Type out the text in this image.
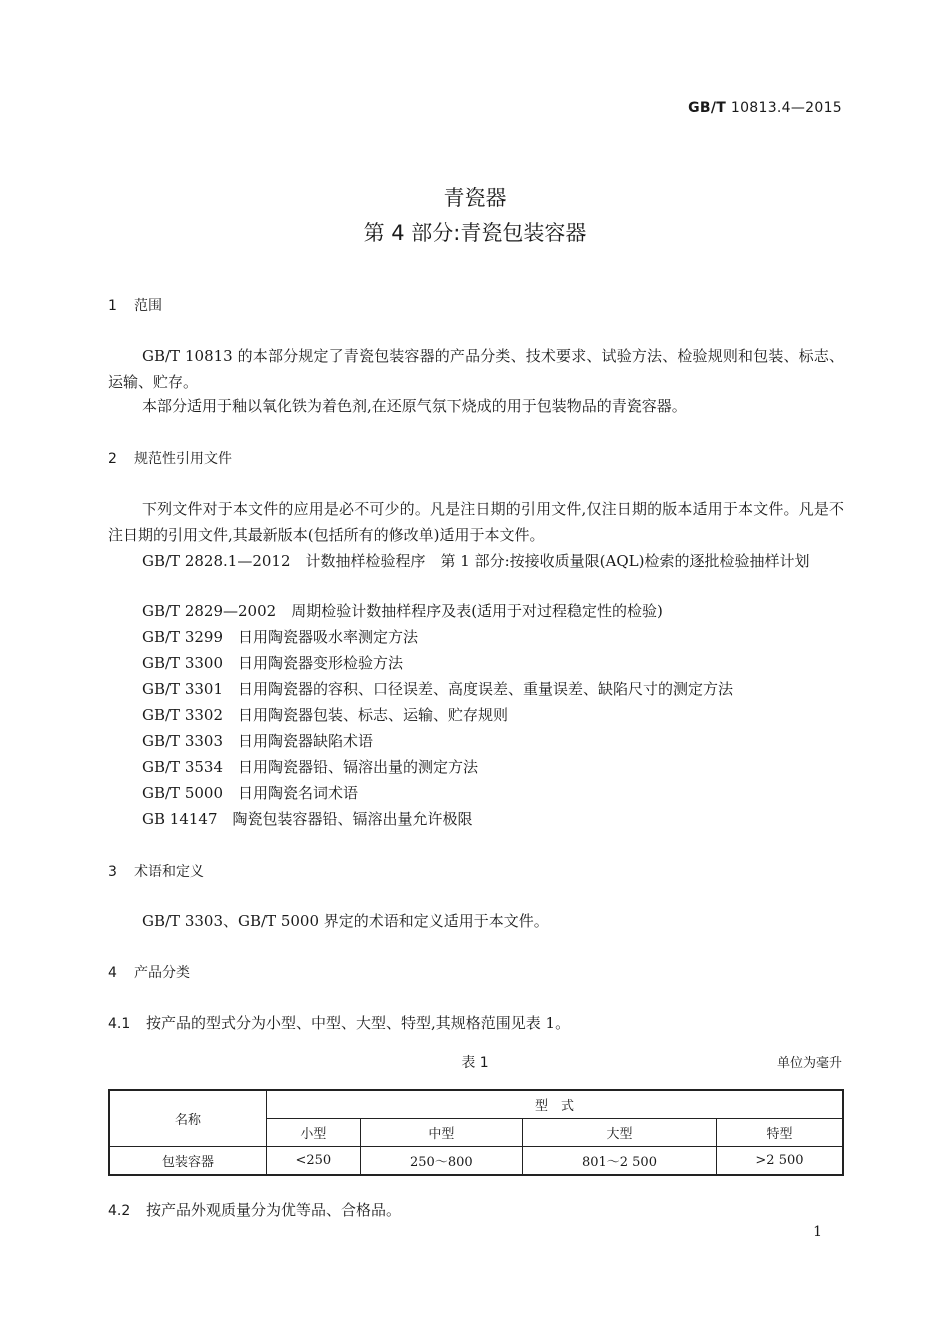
GB/T 10813.4—2015
青瓷器
第 4 部分:青瓷包装容器
1 范围
GB/T 10813 的本部分规定了青瓷包装容器的产品分类、技术要求、试验方法、检验规则和包装、标志、运输、贮存。
本部分适用于釉以氧化铁为着色剂,在还原气氛下烧成的用于包装物品的青瓷容器。
2 规范性引用文件
下列文件对于本文件的应用是必不可少的。凡是注日期的引用文件,仅注日期的版本适用于本文件。凡是不注日期的引用文件,其最新版本(包括所有的修改单)适用于本文件。
GB/T 2828.1—2012　 计数抽样检验程序　第 1 部分:按接收质量限(AQL)检索的逐批检验抽样计划
GB/T 2829—2002　 周期检验计数抽样程序及表(适用于对过程稳定性的检验)
GB/T 3299　 日用陶瓷器吸水率测定方法
GB/T 3300　 日用陶瓷器变形检验方法
GB/T 3301　 日用陶瓷器的容积、口径误差、高度误差、重量误差、缺陷尺寸的测定方法
GB/T 3302　 日用陶瓷器包装、标志、运输、贮存规则
GB/T 3303　 日用陶瓷器缺陷术语
GB/T 3534　 日用陶瓷器铅、镉溶出量的测定方法
GB/T 5000　 日用陶瓷名词术语
GB 14147　 陶瓷包装容器铅、镉溶出量允许极限
3 术语和定义
GB/T 3303、GB/T 5000 界定的术语和定义适用于本文件。
4 产品分类
4.1 按产品的型式分为小型、中型、大型、特型,其规格范围见表 1。
表 1	单位为毫升
名称	型　式			
	小型	中型	大型	特型
包装容器	<250	250～800	801～2 500	>2 500
4.2 按产品外观质量分为优等品、合格品。
1
